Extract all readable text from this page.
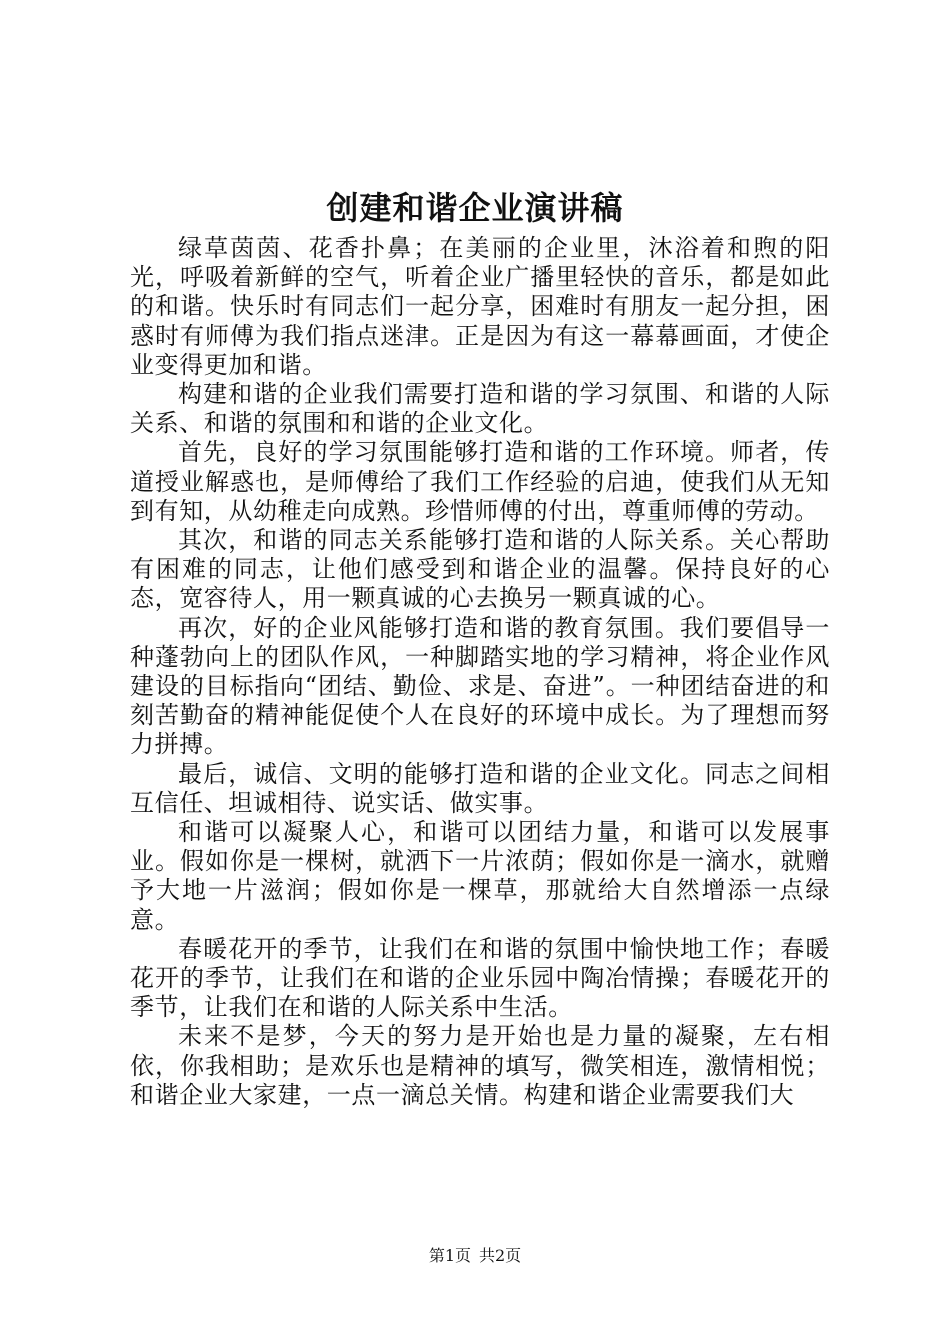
创建和谐企业演讲稿

绿草茵茵、花香扑鼻；在美丽的企业里，沐浴着和煦的阳光，呼吸着新鲜的空气，听着企业广播里轻快的音乐，都是如此的和谐。快乐时有同志们一起分享，困难时有朋友一起分担，困惑时有师傅为我们指点迷津。正是因为有这一幕幕画面，才使企业变得更加和谐。

构建和谐的企业我们需要打造和谐的学习氛围、和谐的人际关系、和谐的氛围和和谐的企业文化。

首先，良好的学习氛围能够打造和谐的工作环境。师者，传道授业解惑也，是师傅给了我们工作经验的启迪，使我们从无知到有知，从幼稚走向成熟。珍惜师傅的付出，尊重师傅的劳动。

其次，和谐的同志关系能够打造和谐的人际关系。关心帮助有困难的同志，让他们感受到和谐企业的温馨。保持良好的心态，宽容待人，用一颗真诚的心去换另一颗真诚的心。

再次，好的企业风能够打造和谐的教育氛围。我们要倡导一种蓬勃向上的团队作风，一种脚踏实地的学习精神，将企业作风建设的目标指向“团结、勤俭、求是、奋进”。一种团结奋进的和刻苦勤奋的精神能促使个人在良好的环境中成长。为了理想而努力拼搏。

最后，诚信、文明的能够打造和谐的企业文化。同志之间相互信任、坦诚相待、说实话、做实事。

和谐可以凝聚人心，和谐可以团结力量，和谐可以发展事业。假如你是一棵树，就洒下一片浓荫；假如你是一滴水，就赠予大地一片滋润；假如你是一棵草，那就给大自然增添一点绿意。

春暖花开的季节，让我们在和谐的氛围中愉快地工作；春暖花开的季节，让我们在和谐的企业乐园中陶冶情操；春暖花开的季节，让我们在和谐的人际关系中生活。

未来不是梦，今天的努力是开始也是力量的凝聚，左右相依，你我相助；是欢乐也是精神的填写，微笑相连，激情相悦；和谐企业大家建，一点一滴总关情。构建和谐企业需要我们大

第1页 共2页
